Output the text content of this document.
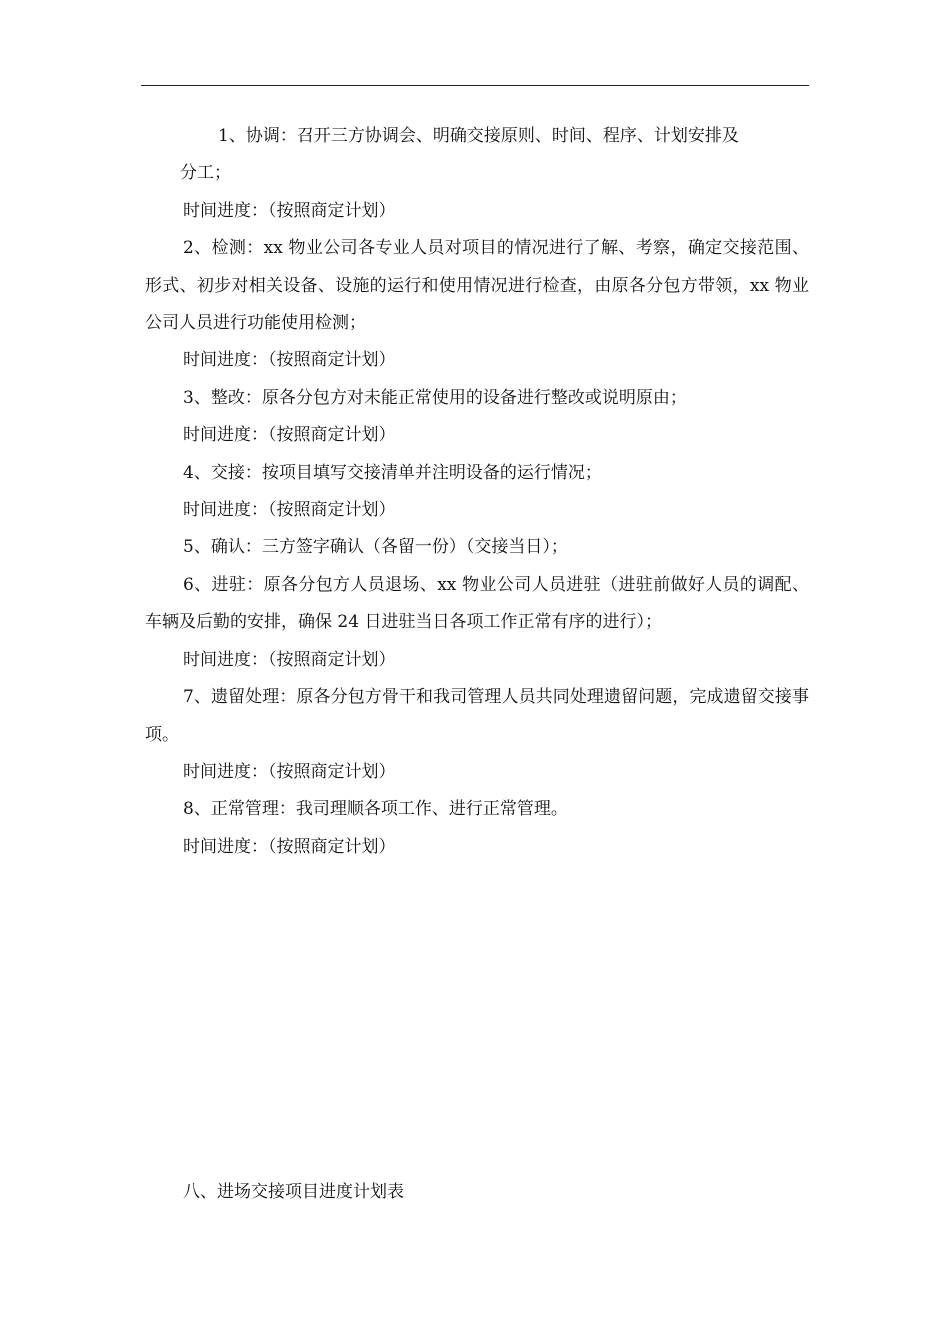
1、协调：召开三方协调会、明确交接原则、时间、程序、计划安排及
分工；

时间进度：（按照商定计划）

2、检测：xx 物业公司各专业人员对项目的情况进行了解、考察，确定交接范围、形式、初步对相关设备、设施的运行和使用情况进行检查，由原各分包方带领，xx 物业公司人员进行功能使用检测；

时间进度：（按照商定计划）

3、整改：原各分包方对未能正常使用的设备进行整改或说明原由；

时间进度：（按照商定计划）

4、交接：按项目填写交接清单并注明设备的运行情况；

时间进度：（按照商定计划）

5、确认：三方签字确认（各留一份）（交接当日）；

6、进驻：原各分包方人员退场、xx 物业公司人员进驻（进驻前做好人员的调配、车辆及后勤的安排，确保 24 日进驻当日各项工作正常有序的进行）；

时间进度：（按照商定计划）

7、遗留处理：原各分包方骨干和我司管理人员共同处理遗留问题，完成遗留交接事项。

时间进度：（按照商定计划）

8、正常管理：我司理顺各项工作、进行正常管理。

时间进度：（按照商定计划）

八、进场交接项目进度计划表
